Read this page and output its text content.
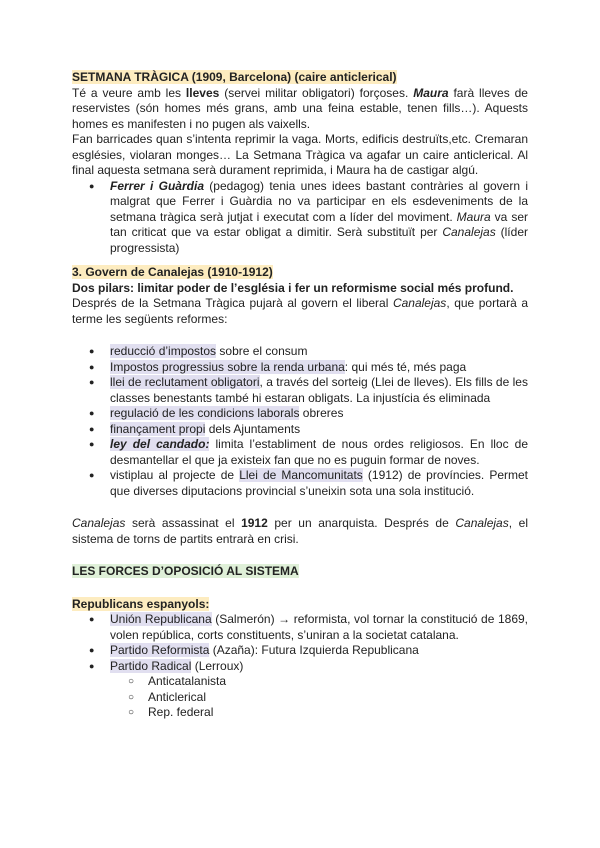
SETMANA TRÀGICA (1909, Barcelona) (caire anticlerical)

Té a veure amb les lleves (servei militar obligatori) forçoses. Maura farà lleves de reservistes (són homes més grans, amb una feina estable, tenen fills…). Aquests homes es manifesten i no pugen als vaixells.

Fan barricades quan s’intenta reprimir la vaga. Morts, edificis destruïts,etc. Cremaran esglésies, violaran monges… La Setmana Tràgica va agafar un caire anticlerical. Al final aquesta setmana serà durament reprimida, i Maura ha de castigar algú.

● Ferrer i Guàrdia (pedagog) tenia unes idees bastant contràries al govern i malgrat que Ferrer i Guàrdia no va participar en els esdeveniments de la setmana tràgica serà jutjat i executat com a líder del moviment. Maura va ser tan criticat que va estar obligat a dimitir. Serà substituït per Canalejas (líder progressista)

3. Govern de Canalejas (1910-1912)

Dos pilars: limitar poder de l’església i fer un reformisme social més profund.

Després de la Setmana Tràgica pujarà al govern el liberal Canalejas, que portarà a terme les següents reformes:

● reducció d’impostos sobre el consum
● Impostos progressius sobre la renda urbana: qui més té, més paga
● llei de reclutament obligatori, a través del sorteig (Llei de lleves). Els fills de les classes benestants també hi estaran obligats. La injustícia és eliminada
● regulació de les condicions laborals obreres
● finançament propi dels Ajuntaments
● ley del candado: limita l’establiment de nous ordes religiosos. En lloc de desmantellar el que ja existeix fan que no es puguin formar de noves.
● vistiplau al projecte de Llei de Mancomunitats (1912) de províncies. Permet que diverses diputacions provincial s’uneixin sota una sola institució.

Canalejas serà assassinat el 1912 per un anarquista. Després de Canalejas, el sistema de torns de partits entrarà en crisi.

LES FORCES D’OPOSICIÓ AL SISTEMA

Republicans espanyols:

● Unión Republicana (Salmerón) → reformista, vol tornar la constitució de 1869, volen república, corts constituents, s’uniran a la societat catalana.
● Partido Reformista (Azaña): Futura Izquierda Republicana
● Partido Radical (Lerroux)
○ Anticatalanista
○ Anticlerical
○ Rep. federal
